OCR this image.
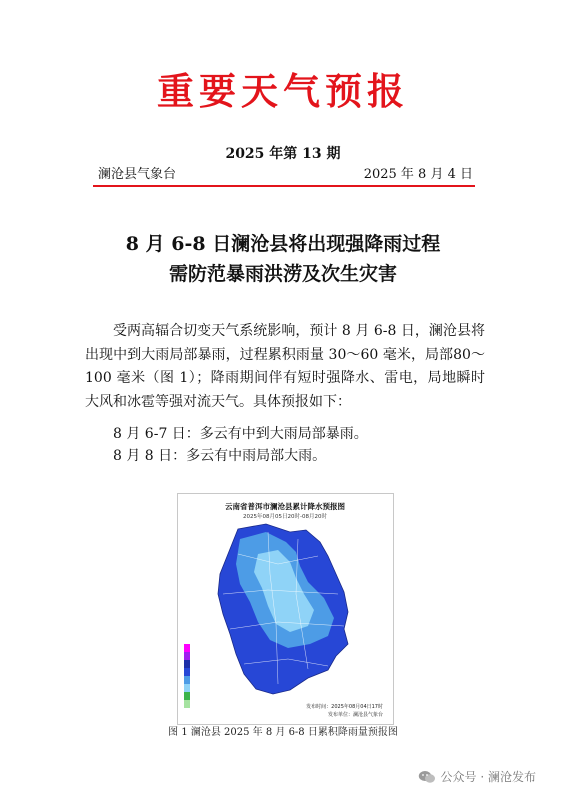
重要天气预报
2025 年第 13 期
澜沧县气象台	2025 年 8 月 4 日
8 月 6-8 日澜沧县将出现强降雨过程
需防范暴雨洪涝及次生灾害

受两高辐合切变天气系统影响，预计 8 月 6-8 日，澜沧县将出现中到大雨局部暴雨，过程累积雨量 30～60 毫米，局部80～100 毫米（图 1）；降雨期间伴有短时强降水、雷电，局地瞬时大风和冰雹等强对流天气。具体预报如下：

8 月 6-7 日：多云有中到大雨局部暴雨。
8 月 8 日：多云有中雨局部大雨。
云南省普洱市澜沧县累计降水预报图
2025年08月05日20时-08月20时
发布时间：2025年08月04日17时
发布单位：澜沧县气象台
图 1 澜沧县 2025 年 8 月 6-8 日累积降雨量预报图
公众号 · 澜沧发布
